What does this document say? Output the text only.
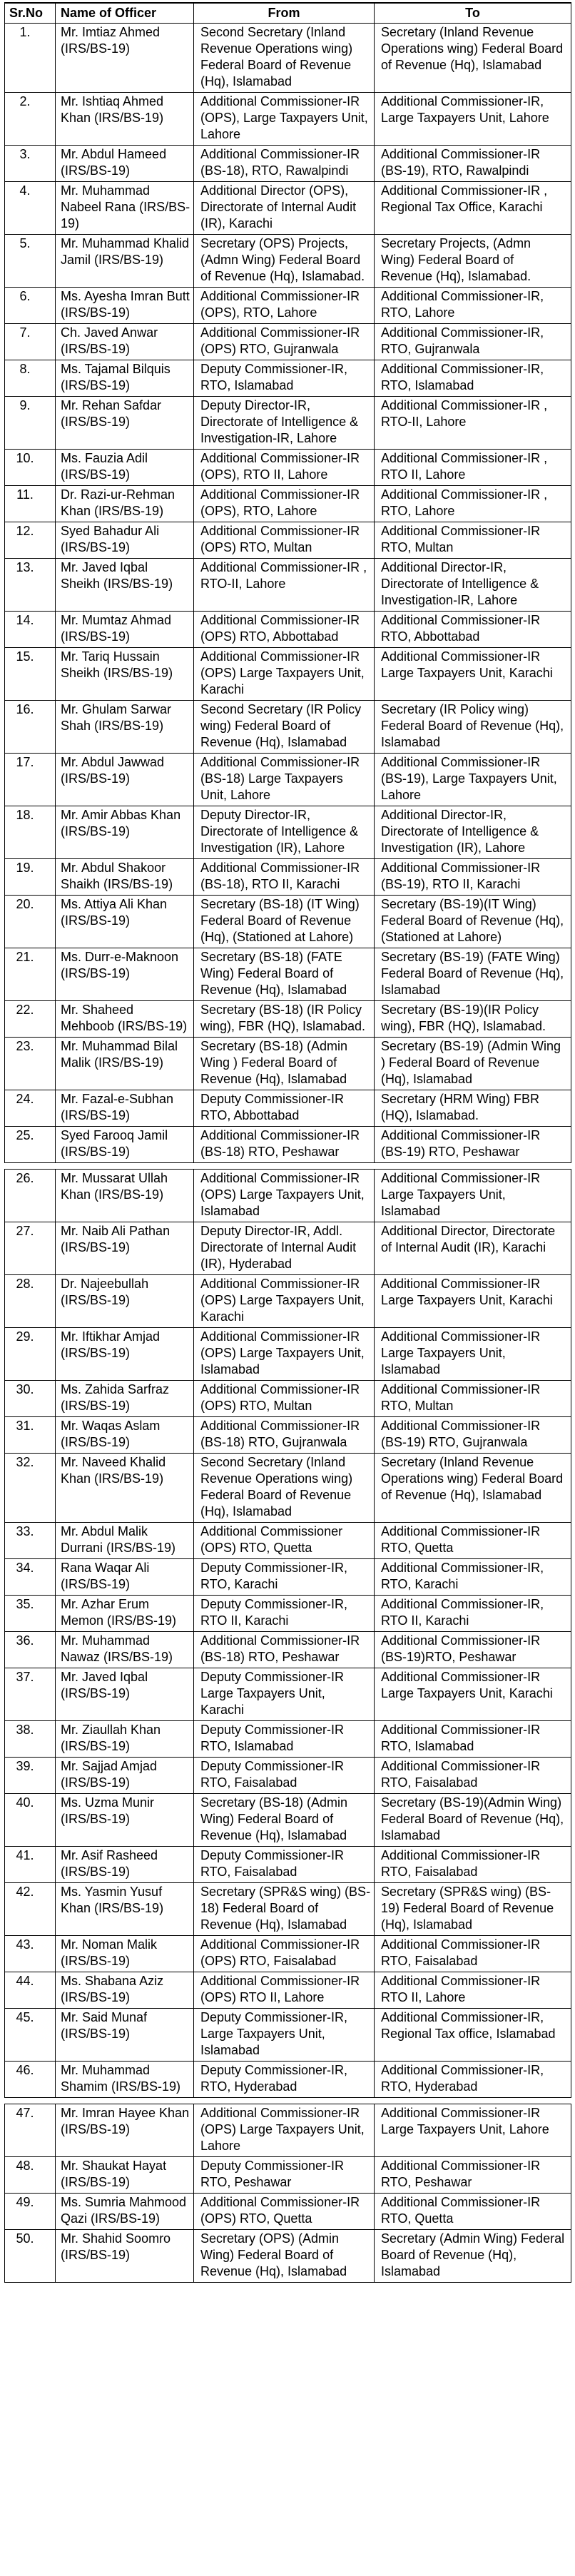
Sr.No	Name of Officer	From	To
1.	Mr. Imtiaz Ahmed (IRS/BS-19)	Second Secretary (Inland Revenue Operations wing) Federal Board of Revenue (Hq), Islamabad	Secretary (Inland Revenue Operations wing) Federal Board of Revenue (Hq), Islamabad
2.	Mr. Ishtiaq Ahmed Khan (IRS/BS-19)	Additional Commissioner-IR (OPS), Large Taxpayers Unit, Lahore	Additional Commissioner-IR, Large Taxpayers Unit, Lahore
3.	Mr. Abdul Hameed (IRS/BS-19)	Additional Commissioner-IR (BS-18), RTO, Rawalpindi	Additional Commissioner-IR (BS-19), RTO, Rawalpindi
4.	Mr. Muhammad Nabeel Rana (IRS/BS-19)	Additional Director (OPS), Directorate of Internal Audit (IR), Karachi	Additional Commissioner-IR , Regional Tax Office, Karachi
5.	Mr. Muhammad Khalid Jamil (IRS/BS-19)	Secretary (OPS) Projects, (Admn Wing) Federal Board of Revenue (Hq), Islamabad.	Secretary Projects, (Admn Wing) Federal Board of Revenue (Hq), Islamabad.
6.	Ms. Ayesha Imran Butt (IRS/BS-19)	Additional Commissioner-IR (OPS), RTO, Lahore	Additional Commissioner-IR, RTO, Lahore
7.	Ch. Javed Anwar (IRS/BS-19)	Additional Commissioner-IR (OPS) RTO, Gujranwala	Additional Commissioner-IR, RTO, Gujranwala
8.	Ms. Tajamal Bilquis (IRS/BS-19)	Deputy Commissioner-IR, RTO, Islamabad	Additional Commissioner-IR, RTO, Islamabad
9.	Mr. Rehan Safdar (IRS/BS-19)	Deputy Director-IR, Directorate of Intelligence & Investigation-IR, Lahore	Additional Commissioner-IR , RTO-II, Lahore
10.	Ms. Fauzia Adil (IRS/BS-19)	Additional Commissioner-IR (OPS), RTO II, Lahore	Additional Commissioner-IR , RTO II, Lahore
11.	Dr. Razi-ur-Rehman Khan (IRS/BS-19)	Additional Commissioner-IR (OPS), RTO, Lahore	Additional Commissioner-IR , RTO, Lahore
12.	Syed Bahadur Ali (IRS/BS-19)	Additional Commissioner-IR (OPS) RTO, Multan	Additional Commissioner-IR RTO, Multan
13.	Mr. Javed Iqbal Sheikh (IRS/BS-19)	Additional Commissioner-IR , RTO-II, Lahore	Additional Director-IR, Directorate of Intelligence & Investigation-IR, Lahore
14.	Mr. Mumtaz Ahmad (IRS/BS-19)	Additional Commissioner-IR (OPS) RTO, Abbottabad	Additional Commissioner-IR RTO, Abbottabad
15.	Mr. Tariq Hussain Sheikh (IRS/BS-19)	Additional Commissioner-IR (OPS) Large Taxpayers Unit, Karachi	Additional Commissioner-IR Large Taxpayers Unit, Karachi
16.	Mr. Ghulam Sarwar Shah (IRS/BS-19)	Second Secretary (IR Policy wing) Federal Board of Revenue (Hq), Islamabad	Secretary (IR Policy wing) Federal Board of Revenue (Hq), Islamabad
17.	Mr. Abdul Jawwad (IRS/BS-19)	Additional Commissioner-IR (BS-18) Large Taxpayers Unit, Lahore	Additional Commissioner-IR (BS-19), Large Taxpayers Unit, Lahore
18.	Mr. Amir Abbas Khan (IRS/BS-19)	Deputy Director-IR, Directorate of Intelligence & Investigation (IR), Lahore	Additional Director-IR, Directorate of Intelligence & Investigation (IR), Lahore
19.	Mr. Abdul Shakoor Shaikh (IRS/BS-19)	Additional Commissioner-IR (BS-18), RTO II, Karachi	Additional Commissioner-IR (BS-19), RTO II, Karachi
20.	Ms. Attiya Ali Khan (IRS/BS-19)	Secretary (BS-18) (IT Wing) Federal Board of Revenue (Hq), (Stationed at Lahore)	Secretary (BS-19)(IT Wing) Federal Board of Revenue (Hq), (Stationed at Lahore)
21.	Ms. Durr-e-Maknoon (IRS/BS-19)	Secretary (BS-18) (FATE Wing) Federal Board of Revenue (Hq), Islamabad	Secretary (BS-19) (FATE Wing) Federal Board of Revenue (Hq), Islamabad
22.	Mr. Shaheed Mehboob (IRS/BS-19)	Secretary (BS-18) (IR Policy wing), FBR (HQ), Islamabad.	Secretary (BS-19)(IR Policy wing), FBR (HQ), Islamabad.
23.	Mr. Muhammad Bilal Malik (IRS/BS-19)	Secretary (BS-18) (Admin Wing ) Federal Board of Revenue (Hq), Islamabad	Secretary (BS-19) (Admin Wing ) Federal Board of Revenue (Hq), Islamabad
24.	Mr. Fazal-e-Subhan (IRS/BS-19)	Deputy Commissioner-IR RTO, Abbottabad	Secretary (HRM Wing) FBR (HQ), Islamabad.
25.	Syed Farooq Jamil (IRS/BS-19)	Additional Commissioner-IR (BS-18) RTO, Peshawar	Additional Commissioner-IR (BS-19) RTO, Peshawar
26.	Mr. Mussarat Ullah Khan (IRS/BS-19)	Additional Commissioner-IR (OPS) Large Taxpayers Unit, Islamabad	Additional Commissioner-IR Large Taxpayers Unit, Islamabad
27.	Mr. Naib Ali Pathan (IRS/BS-19)	Deputy Director-IR, Addl. Directorate of Internal Audit (IR), Hyderabad	Additional Director, Directorate of Internal Audit (IR), Karachi
28.	Dr. Najeebullah (IRS/BS-19)	Additional Commissioner-IR (OPS) Large Taxpayers Unit, Karachi	Additional Commissioner-IR Large Taxpayers Unit, Karachi
29.	Mr. Iftikhar Amjad (IRS/BS-19)	Additional Commissioner-IR (OPS) Large Taxpayers Unit, Islamabad	Additional Commissioner-IR Large Taxpayers Unit, Islamabad
30.	Ms. Zahida Sarfraz (IRS/BS-19)	Additional Commissioner-IR (OPS) RTO, Multan	Additional Commissioner-IR RTO, Multan
31.	Mr. Waqas Aslam (IRS/BS-19)	Additional Commissioner-IR (BS-18) RTO, Gujranwala	Additional Commissioner-IR (BS-19) RTO, Gujranwala
32.	Mr. Naveed Khalid Khan (IRS/BS-19)	Second Secretary (Inland Revenue Operations wing) Federal Board of Revenue (Hq), Islamabad	Secretary (Inland Revenue Operations wing) Federal Board of Revenue (Hq), Islamabad
33.	Mr. Abdul Malik Durrani (IRS/BS-19)	Additional Commissioner (OPS) RTO, Quetta	Additional Commissioner-IR RTO, Quetta
34.	Rana Waqar Ali (IRS/BS-19)	Deputy Commissioner-IR, RTO, Karachi	Additional Commissioner-IR, RTO, Karachi
35.	Mr. Azhar Erum Memon (IRS/BS-19)	Deputy Commissioner-IR, RTO II, Karachi	Additional Commissioner-IR, RTO II, Karachi
36.	Mr. Muhammad Nawaz (IRS/BS-19)	Additional Commissioner-IR (BS-18) RTO, Peshawar	Additional Commissioner-IR (BS-19)RTO, Peshawar
37.	Mr. Javed Iqbal (IRS/BS-19)	Deputy Commissioner-IR Large Taxpayers Unit, Karachi	Additional Commissioner-IR Large Taxpayers Unit, Karachi
38.	Mr. Ziaullah Khan (IRS/BS-19)	Deputy Commissioner-IR RTO, Islamabad	Additional Commissioner-IR RTO, Islamabad
39.	Mr. Sajjad Amjad (IRS/BS-19)	Deputy Commissioner-IR RTO, Faisalabad	Additional Commissioner-IR RTO, Faisalabad
40.	Ms. Uzma Munir (IRS/BS-19)	Secretary (BS-18) (Admin Wing) Federal Board of Revenue (Hq), Islamabad	Secretary (BS-19)(Admin Wing) Federal Board of Revenue (Hq), Islamabad
41.	Mr. Asif Rasheed (IRS/BS-19)	Deputy Commissioner-IR RTO, Faisalabad	Additional Commissioner-IR RTO, Faisalabad
42.	Ms. Yasmin Yusuf Khan (IRS/BS-19)	Secretary (SPR&S wing) (BS-18) Federal Board of Revenue (Hq), Islamabad	Secretary (SPR&S wing) (BS-19) Federal Board of Revenue (Hq), Islamabad
43.	Mr. Noman Malik (IRS/BS-19)	Additional Commissioner-IR (OPS) RTO, Faisalabad	Additional Commissioner-IR RTO, Faisalabad
44.	Ms. Shabana Aziz (IRS/BS-19)	Additional Commissioner-IR (OPS) RTO II, Lahore	Additional Commissioner-IR RTO II, Lahore
45.	Mr. Said Munaf (IRS/BS-19)	Deputy Commissioner-IR, Large Taxpayers Unit, Islamabad	Additional Commissioner-IR, Regional Tax office, Islamabad
46.	Mr. Muhammad Shamim (IRS/BS-19)	Deputy Commissioner-IR, RTO, Hyderabad	Additional Commissioner-IR, RTO, Hyderabad
47.	Mr. Imran Hayee Khan (IRS/BS-19)	Additional Commissioner-IR (OPS) Large Taxpayers Unit, Lahore	Additional Commissioner-IR Large Taxpayers Unit, Lahore
48.	Mr. Shaukat Hayat (IRS/BS-19)	Deputy Commissioner-IR RTO, Peshawar	Additional Commissioner-IR RTO, Peshawar
49.	Ms. Sumria Mahmood Qazi (IRS/BS-19)	Additional Commissioner-IR (OPS) RTO, Quetta	Additional Commissioner-IR RTO, Quetta
50.	Mr. Shahid Soomro (IRS/BS-19)	Secretary (OPS) (Admin Wing) Federal Board of Revenue (Hq), Islamabad	Secretary (Admin Wing) Federal Board of Revenue (Hq), Islamabad
